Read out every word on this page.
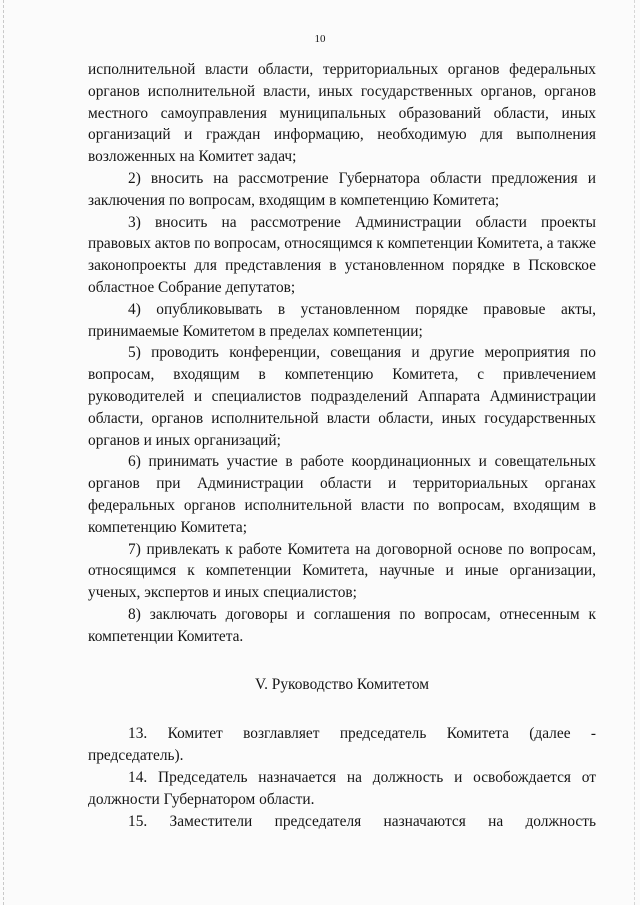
10

исполнительной власти области, территориальных органов федеральных органов исполнительной власти, иных государственных органов, органов местного самоуправления муниципальных образований области, иных организаций и граждан информацию, необходимую для выполнения возложенных на Комитет задач;

2) вносить на рассмотрение Губернатора области предложения и заключения по вопросам, входящим в компетенцию Комитета;

3) вносить на рассмотрение Администрации области проекты правовых актов по вопросам, относящимся к компетенции Комитета, а также законопроекты для представления в установленном порядке в Псковское областное Собрание депутатов;

4) опубликовывать в установленном порядке правовые акты, принимаемые Комитетом в пределах компетенции;

5) проводить конференции, совещания и другие мероприятия по вопросам, входящим в компетенцию Комитета, с привлечением руководителей и специалистов подразделений Аппарата Администрации области, органов исполнительной власти области, иных государственных органов и иных организаций;

6) принимать участие в работе координационных и совещательных органов при Администрации области и территориальных органах федеральных органов исполнительной власти по вопросам, входящим в компетенцию Комитета;

7) привлекать к работе Комитета на договорной основе по вопросам, относящимся к компетенции Комитета, научные и иные организации, ученых, экспертов и иных специалистов;

8) заключать договоры и соглашения по вопросам, отнесенным к компетенции Комитета.

V. Руководство Комитетом

13. Комитет возглавляет председатель Комитета (далее - председатель).

14. Председатель назначается на должность и освобождается от должности Губернатором области.

15. Заместители председателя назначаются на должность
